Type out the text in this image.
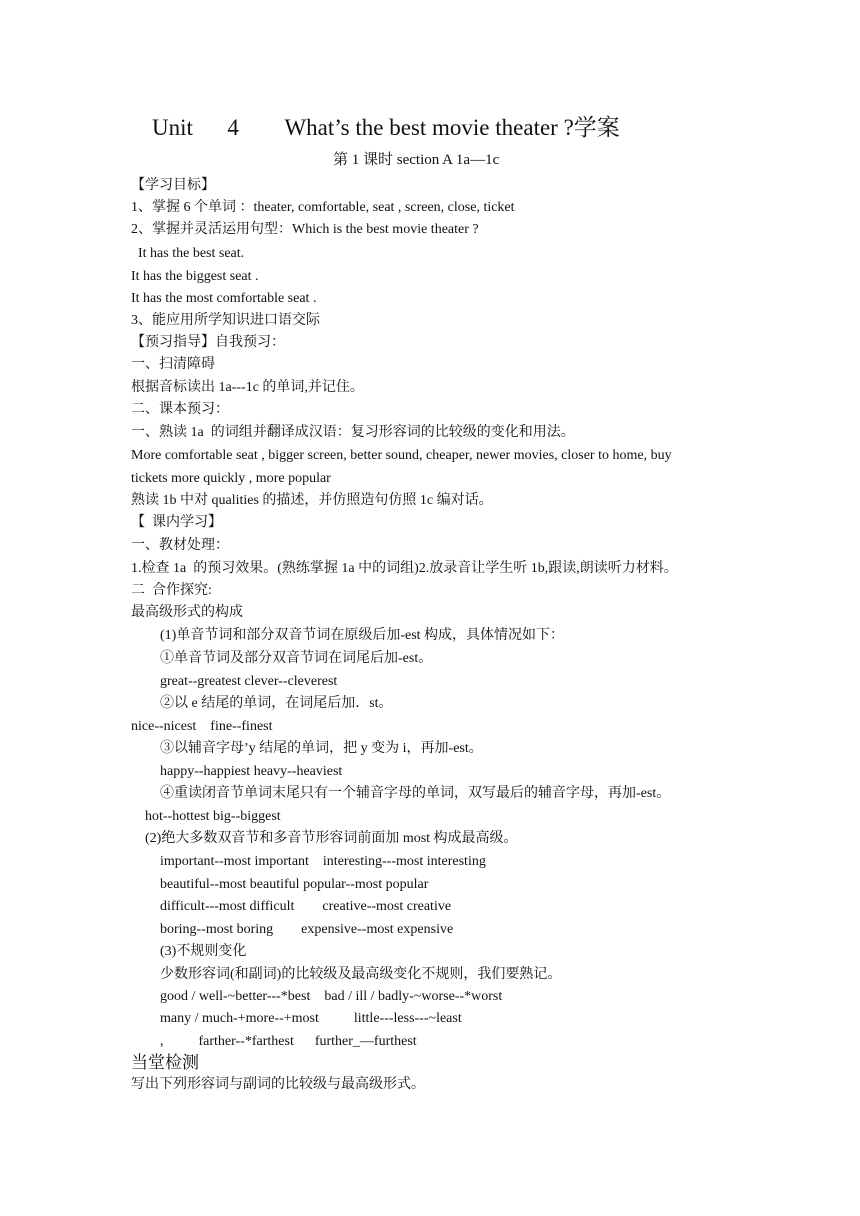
Unit      4        What’s the best movie theater ?学案
第 1 课时 section A 1a—1c
【学习目标】
1、掌握 6 个单词 ：theater, comfortable, seat , screen, close, ticket
2、掌握并灵活运用句型：Which is the best movie theater ?
It has the best seat.
It has the biggest seat .
It has the most comfortable seat .
3、能应用所学知识进口语交际
【预习指导】自我预习：
一、扫清障碍
根据音标读出 1a---1c 的单词,并记住。
二、课本预习：
一、熟读 1a  的词组并翻译成汉语：复习形容词的比较级的变化和用法。
More comfortable seat , bigger screen, better sound, cheaper, newer movies, closer to home, buy
tickets more quickly , more popular
熟读 1b 中对 qualities 的描述，并仿照造句仿照 1c 编对话。
【  课内学习】
一、教材处理：
1.检查 1a  的预习效果。(熟练掌握 1a 中的词组)2.放录音让学生听 1b,跟读,朗读听力材料。
二  合作探究:
最高级形式的构成
(1)单音节词和部分双音节词在原级后加-est 构成，具体情况如下：
①单音节词及部分双音节词在词尾后加-est。
great--greatest clever--cleverest
②以 e 结尾的单词，在词尾后加．st。
nice--nicest    fine--finest
③以辅音字母’y 结尾的单词，把 y 变为 i，再加-est。
happy--happiest heavy--heaviest
④重读闭音节单词末尾只有一个辅音字母的单词，双写最后的辅音字母，再加-est。
hot--hottest big--biggest
(2)绝大多数双音节和多音节形容词前面加 most 构成最高级。
important--most important    interesting---most interesting
beautiful--most beautiful popular--most popular
difficult---most difficult        creative--most creative
boring--most boring        expensive--most expensive
(3)不规则变化
少数形容词(和副词)的比较级及最高级变化不规则，我们要熟记。
good / well-~better---*best    bad / ill / badly-~worse--*worst
many / much-+more--+most          little---less---~least
,          farther--*farthest      further_—furthest
当堂检测
写出下列形容词与副词的比较级与最高级形式。
